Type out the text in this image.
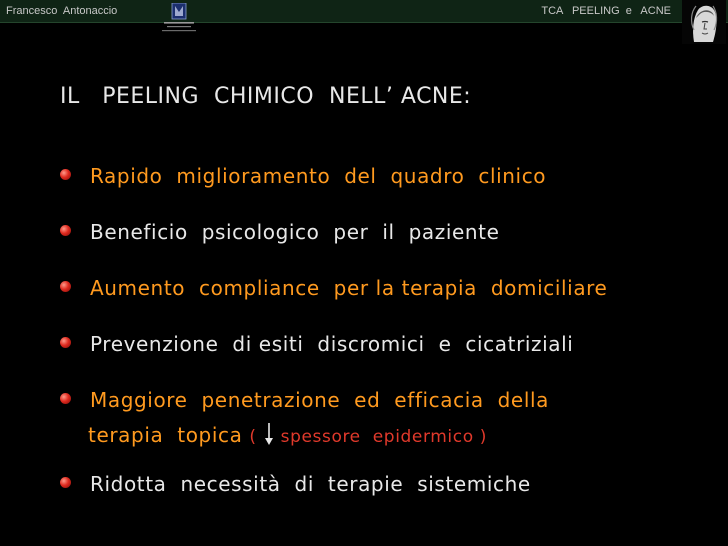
Francesco  Antonaccio	TCA   PEELING  e   ACNE
IL   PEELING  CHIMICO  NELL’ ACNE:
Rapido  miglioramento  del  quadro  clinico
Beneficio  psicologico  per  il  paziente
Aumento  compliance  per la terapia  domiciliare
Prevenzione  di esiti  discromici  e  cicatriziali
Maggiore  penetrazione  ed  efficacia  della
terapia  topica ( spessore  epidermico )
Ridotta  necessità  di  terapie  sistemiche
